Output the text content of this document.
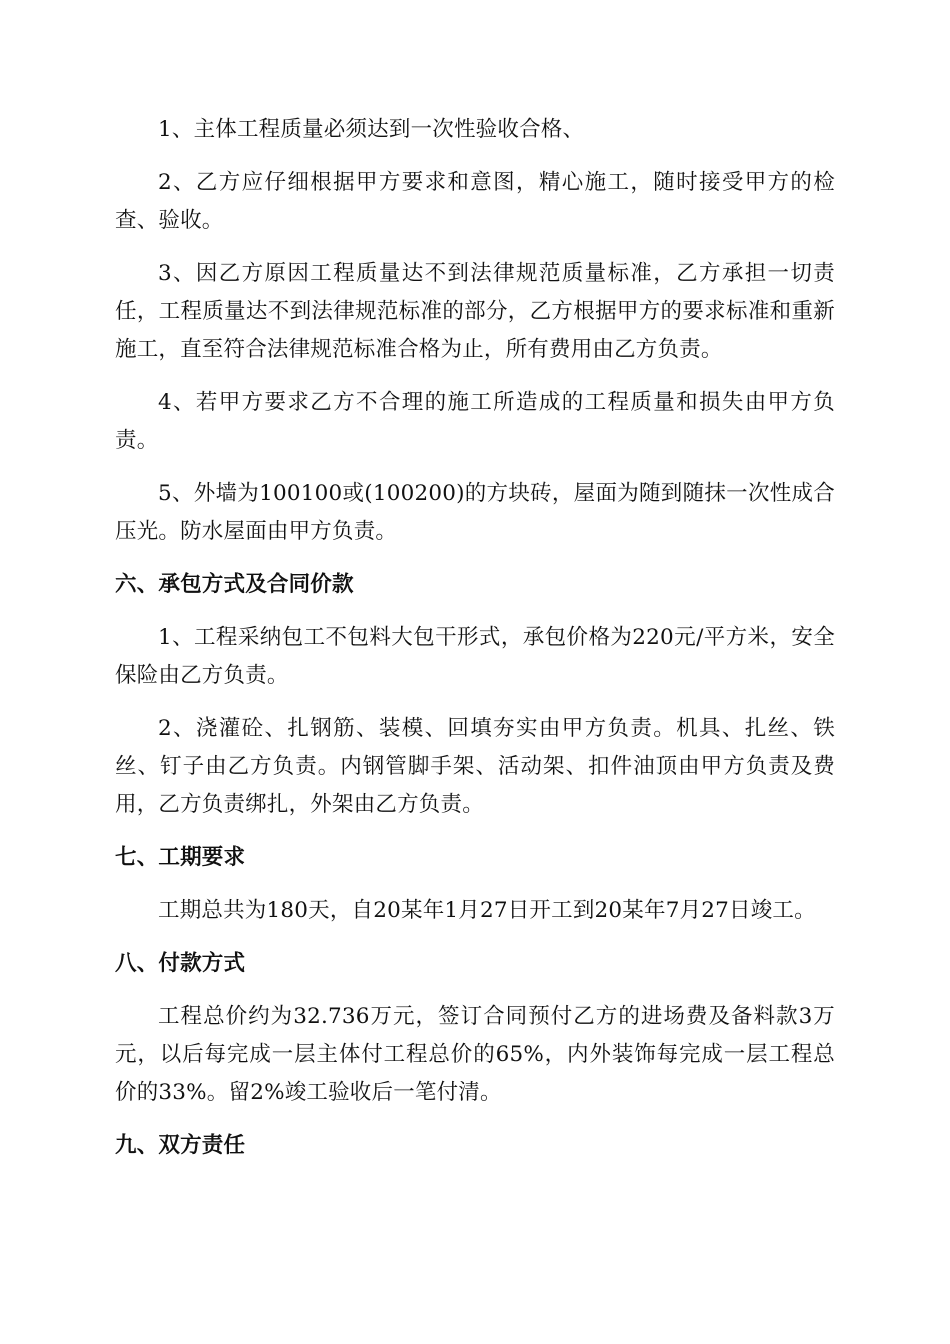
1、主体工程质量必须达到一次性验收合格、

2、乙方应仔细根据甲方要求和意图，精心施工，随时接受甲方的检查、验收。

3、因乙方原因工程质量达不到法律规范质量标准，乙方承担一切责任，工程质量达不到法律规范标准的部分，乙方根据甲方的要求标准和重新施工，直至符合法律规范标准合格为止，所有费用由乙方负责。

4、若甲方要求乙方不合理的施工所造成的工程质量和损失由甲方负责。

5、外墙为100100或(100200)的方块砖，屋面为随到随抹一次性成合压光。防水屋面由甲方负责。

六、承包方式及合同价款

1、工程采纳包工不包料大包干形式，承包价格为220元/平方米，安全保险由乙方负责。

2、浇灌砼、扎钢筋、装模、回填夯实由甲方负责。机具、扎丝、铁丝、钉子由乙方负责。内钢管脚手架、活动架、扣件油顶由甲方负责及费用，乙方负责绑扎，外架由乙方负责。

七、工期要求

工期总共为180天，自20某年1月27日开工到20某年7月27日竣工。

八、付款方式

工程总价约为32.736万元，签订合同预付乙方的进场费及备料款3万元，以后每完成一层主体付工程总价的65%，内外装饰每完成一层工程总价的33%。留2%竣工验收后一笔付清。

九、双方责任
